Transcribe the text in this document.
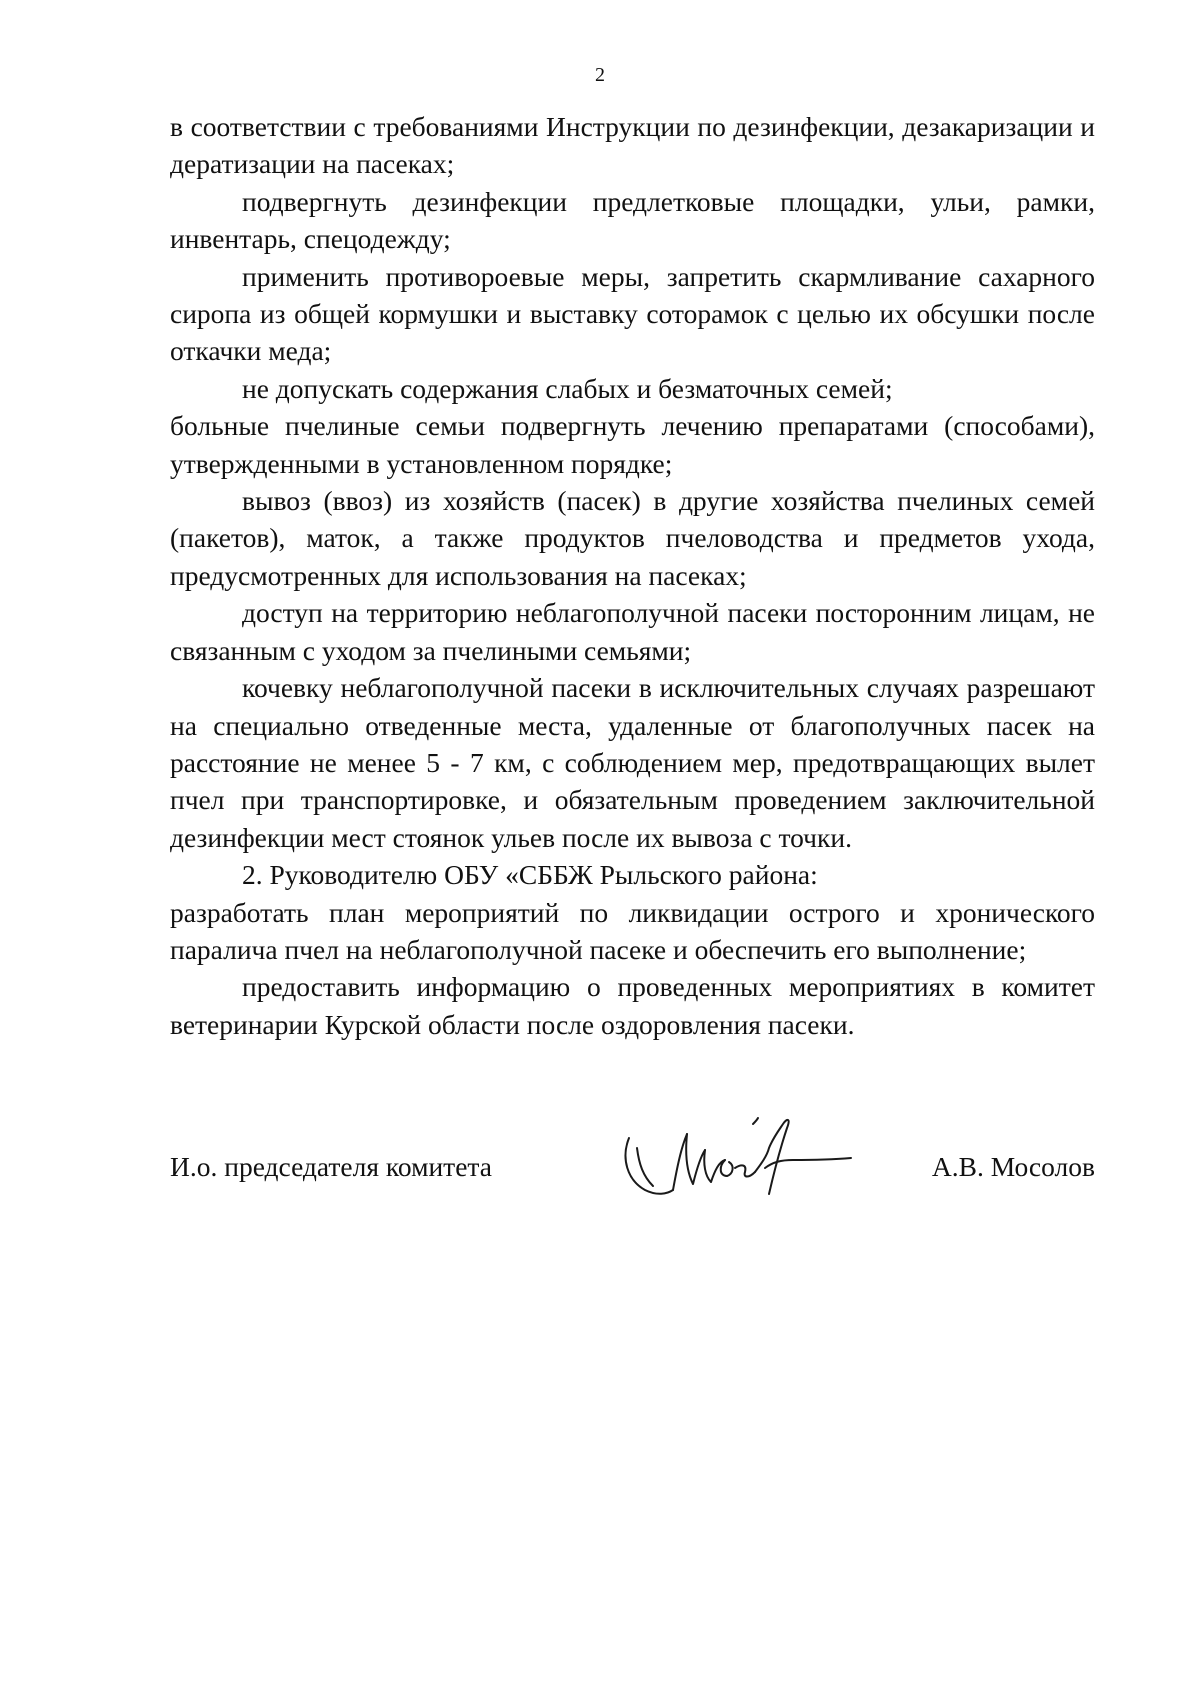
2

в соответствии с требованиями Инструкции по дезинфекции, дезакаризации и дератизации на пасеках;

подвергнуть дезинфекции предлетковые площадки, ульи, рамки, инвентарь, спецодежду;

применить противороевые меры, запретить скармливание сахарного сиропа из общей кормушки и выставку соторамок с целью их обсушки после откачки меда;

не допускать содержания слабых и безматочных семей;

больные пчелиные семьи подвергнуть лечению препаратами (способами), утвержденными в установленном порядке;

вывоз (ввоз) из хозяйств (пасек) в другие хозяйства пчелиных семей (пакетов), маток, а также продуктов пчеловодства и предметов ухода, предусмотренных для использования на пасеках;

доступ на территорию неблагополучной пасеки посторонним лицам, не связанным с уходом за пчелиными семьями;

кочевку неблагополучной пасеки в исключительных случаях разрешают на специально отведенные места, удаленные от благополучных пасек на расстояние не менее 5 - 7 км, с соблюдением мер, предотвращающих вылет пчел при транспортировке, и обязательным проведением заключительной дезинфекции мест стоянок ульев после их вывоза с точки.

2. Руководителю ОБУ «СББЖ Рыльского района:

разработать план мероприятий по ликвидации острого и хронического паралича пчел на неблагополучной пасеке и обеспечить его выполнение;

предоставить информацию о проведенных мероприятиях в комитет ветеринарии Курской области после оздоровления пасеки.

И.о. председателя комитета	А.В. Мосолов
